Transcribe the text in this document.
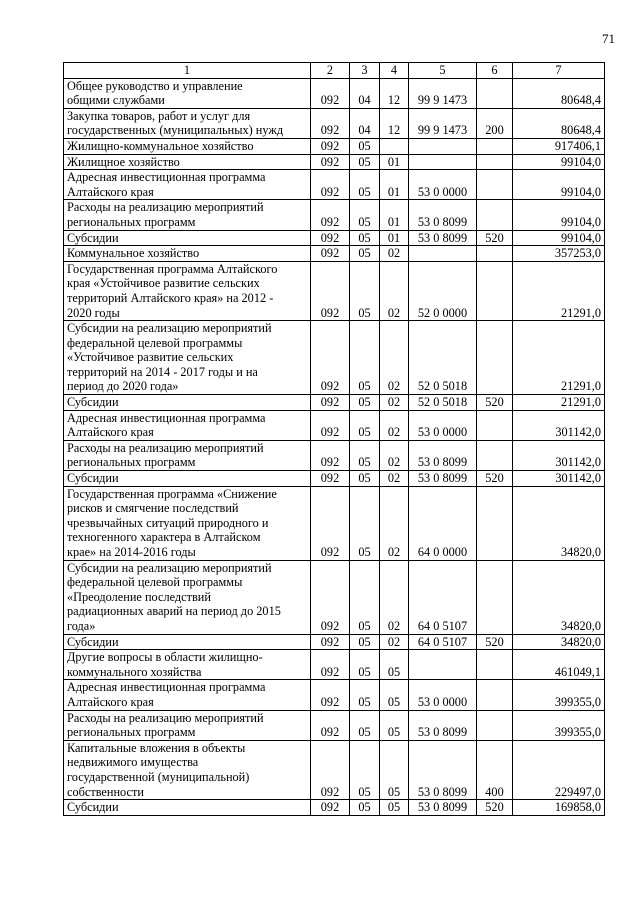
71
1	2	3	4	5	6	7
Общее руководство и управление
общими службами	092	04	12	99 9 1473		80648,4
Закупка товаров, работ и услуг для
государственных (муниципальных) нужд	092	04	12	99 9 1473	200	80648,4
Жилищно-коммунальное хозяйство	092	05				917406,1
Жилищное хозяйство	092	05	01			99104,0
Адресная инвестиционная программа
Алтайского края	092	05	01	53 0 0000		99104,0
Расходы на реализацию мероприятий
региональных программ	092	05	01	53 0 8099		99104,0
Субсидии	092	05	01	53 0 8099	520	99104,0
Коммунальное хозяйство	092	05	02			357253,0
Государственная программа Алтайского
края «Устойчивое развитие сельских
территорий Алтайского края» на 2012 -
2020 годы	092	05	02	52 0 0000		21291,0
Субсидии на реализацию мероприятий
федеральной целевой программы
«Устойчивое развитие сельских
территорий на 2014 - 2017 годы и на
период до 2020 года»	092	05	02	52 0 5018		21291,0
Субсидии	092	05	02	52 0 5018	520	21291,0
Адресная инвестиционная программа
Алтайского края	092	05	02	53 0 0000		301142,0
Расходы на реализацию мероприятий
региональных программ	092	05	02	53 0 8099		301142,0
Субсидии	092	05	02	53 0 8099	520	301142,0
Государственная программа «Снижение
рисков и смягчение последствий
чрезвычайных ситуаций природного и
техногенного характера в Алтайском
крае» на 2014-2016 годы	092	05	02	64 0 0000		34820,0
Субсидии на реализацию мероприятий
федеральной целевой программы
«Преодоление последствий
радиационных аварий на период до 2015
года»	092	05	02	64 0 5107		34820,0
Субсидии	092	05	02	64 0 5107	520	34820,0
Другие вопросы в области жилищно-
коммунального хозяйства	092	05	05			461049,1
Адресная инвестиционная программа
Алтайского края	092	05	05	53 0 0000		399355,0
Расходы на реализацию мероприятий
региональных программ	092	05	05	53 0 8099		399355,0
Капитальные вложения в объекты
недвижимого имущества
государственной (муниципальной)
собственности	092	05	05	53 0 8099	400	229497,0
Субсидии	092	05	05	53 0 8099	520	169858,0
